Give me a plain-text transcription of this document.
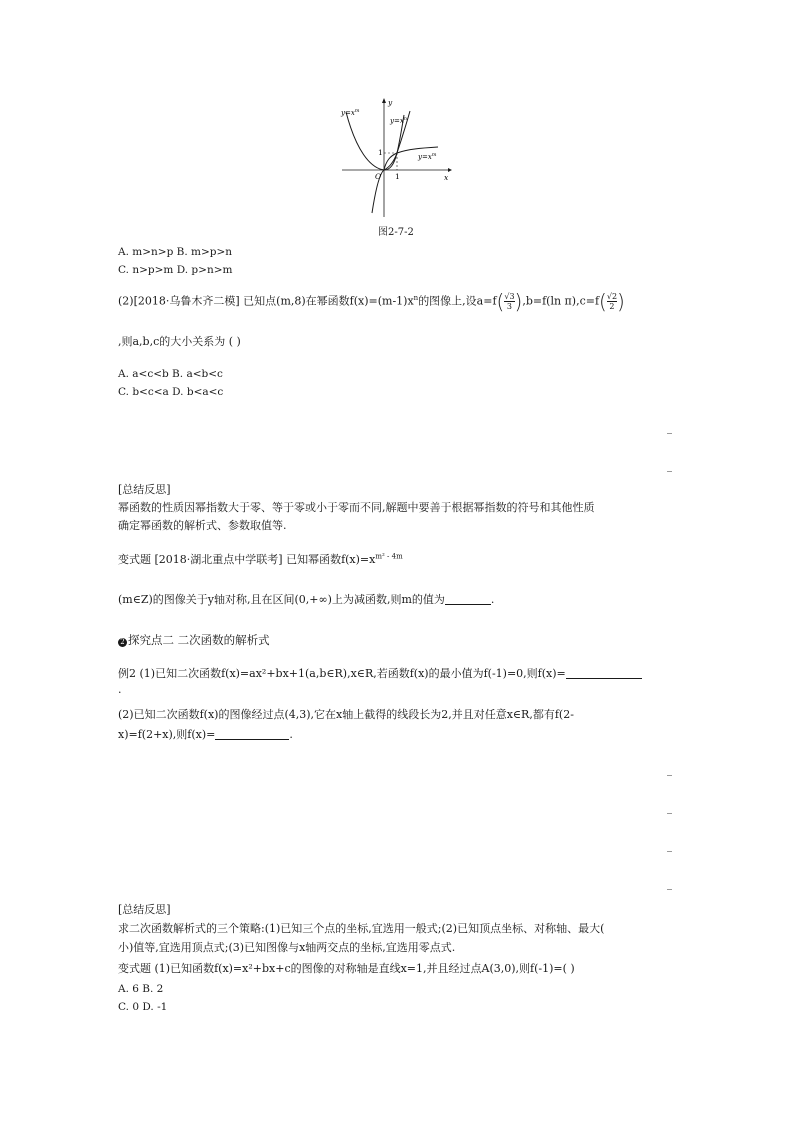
$y=x^m$
$y=x^n$
$y=x^m$
y
x
O 1
1
图2-7-2
A. m>n>p B. m>p>n
C. n>p>m D. p>n>m
(2)[2018·乌鲁木齐二模] 已知点(m,8)在幂函数$f(x)=(m-1)x^n$的图像上,设$a=f( \frac{√3}{3} ),b=f(\ln$ $\pi),c=f( \frac{√2}{2}$ )
,则a,b,c的大小关系为 ( )
A. a<c<b B. a<b<c
C. b<c<a D. b<a<c
[总结反思]
幂函数的性质因幂指数大于零、等于零或小于零而不同,解题中要善于根据幂指数的符号和其他性质
确定幂函数的解析式、参数取值等.
变式题 [2018·湖北重点中学联考] 已知幂函数$f(x)=x^{m^2 - 4m}$
(m∈Z)的图像关于y轴对称,且在区间(0,+∞)上为减函数,则m的值为	.
2 探究点二 二次函数的解析式
例2 (1)已知二次函数f(x)=ax²+bx+1(a,b∈R),x∈R,若函数f(x)的最小值为f(-1)=0,则f(x)=
.
(2)已知二次函数f(x)的图像经过点(4,3),它在x轴上截得的线段长为2,并且对任意x∈R,都有f(2-
x)=f(2+x),则f(x)=	.
[总结反思]
求二次函数解析式的三个策略:(1)已知三个点的坐标,宜选用一般式;(2)已知顶点坐标、对称轴、最大(
小)值等,宜选用顶点式;(3)已知图像与x轴两交点的坐标,宜选用零点式.
变式题 (1)已知函数f(x)=x²+bx+c的图像的对称轴是直线x=1,并且经过点A(3,0),则f(-1)=( )
A. 6 B. 2
C. 0 D. -1
